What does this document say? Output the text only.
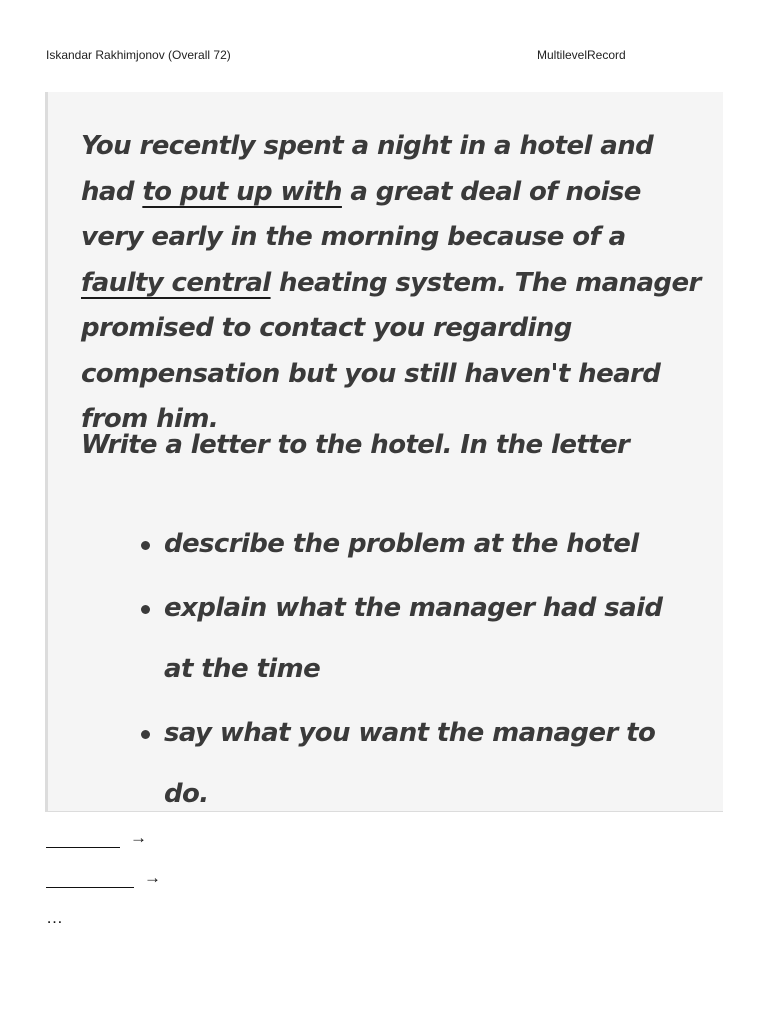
Iskandar Rakhimjonov (Overall 72)	MultilevelRecord
You recently spent a night in a hotel and had to put up with a great deal of noise very early in the morning because of a faulty central heating system. The manager promised to contact you regarding compensation but you still haven't heard from him.
Write a letter to the hotel. In the letter
describe the problem at the hotel
explain what the manager had said at the time
say what you want the manager to do.
→
→
…
